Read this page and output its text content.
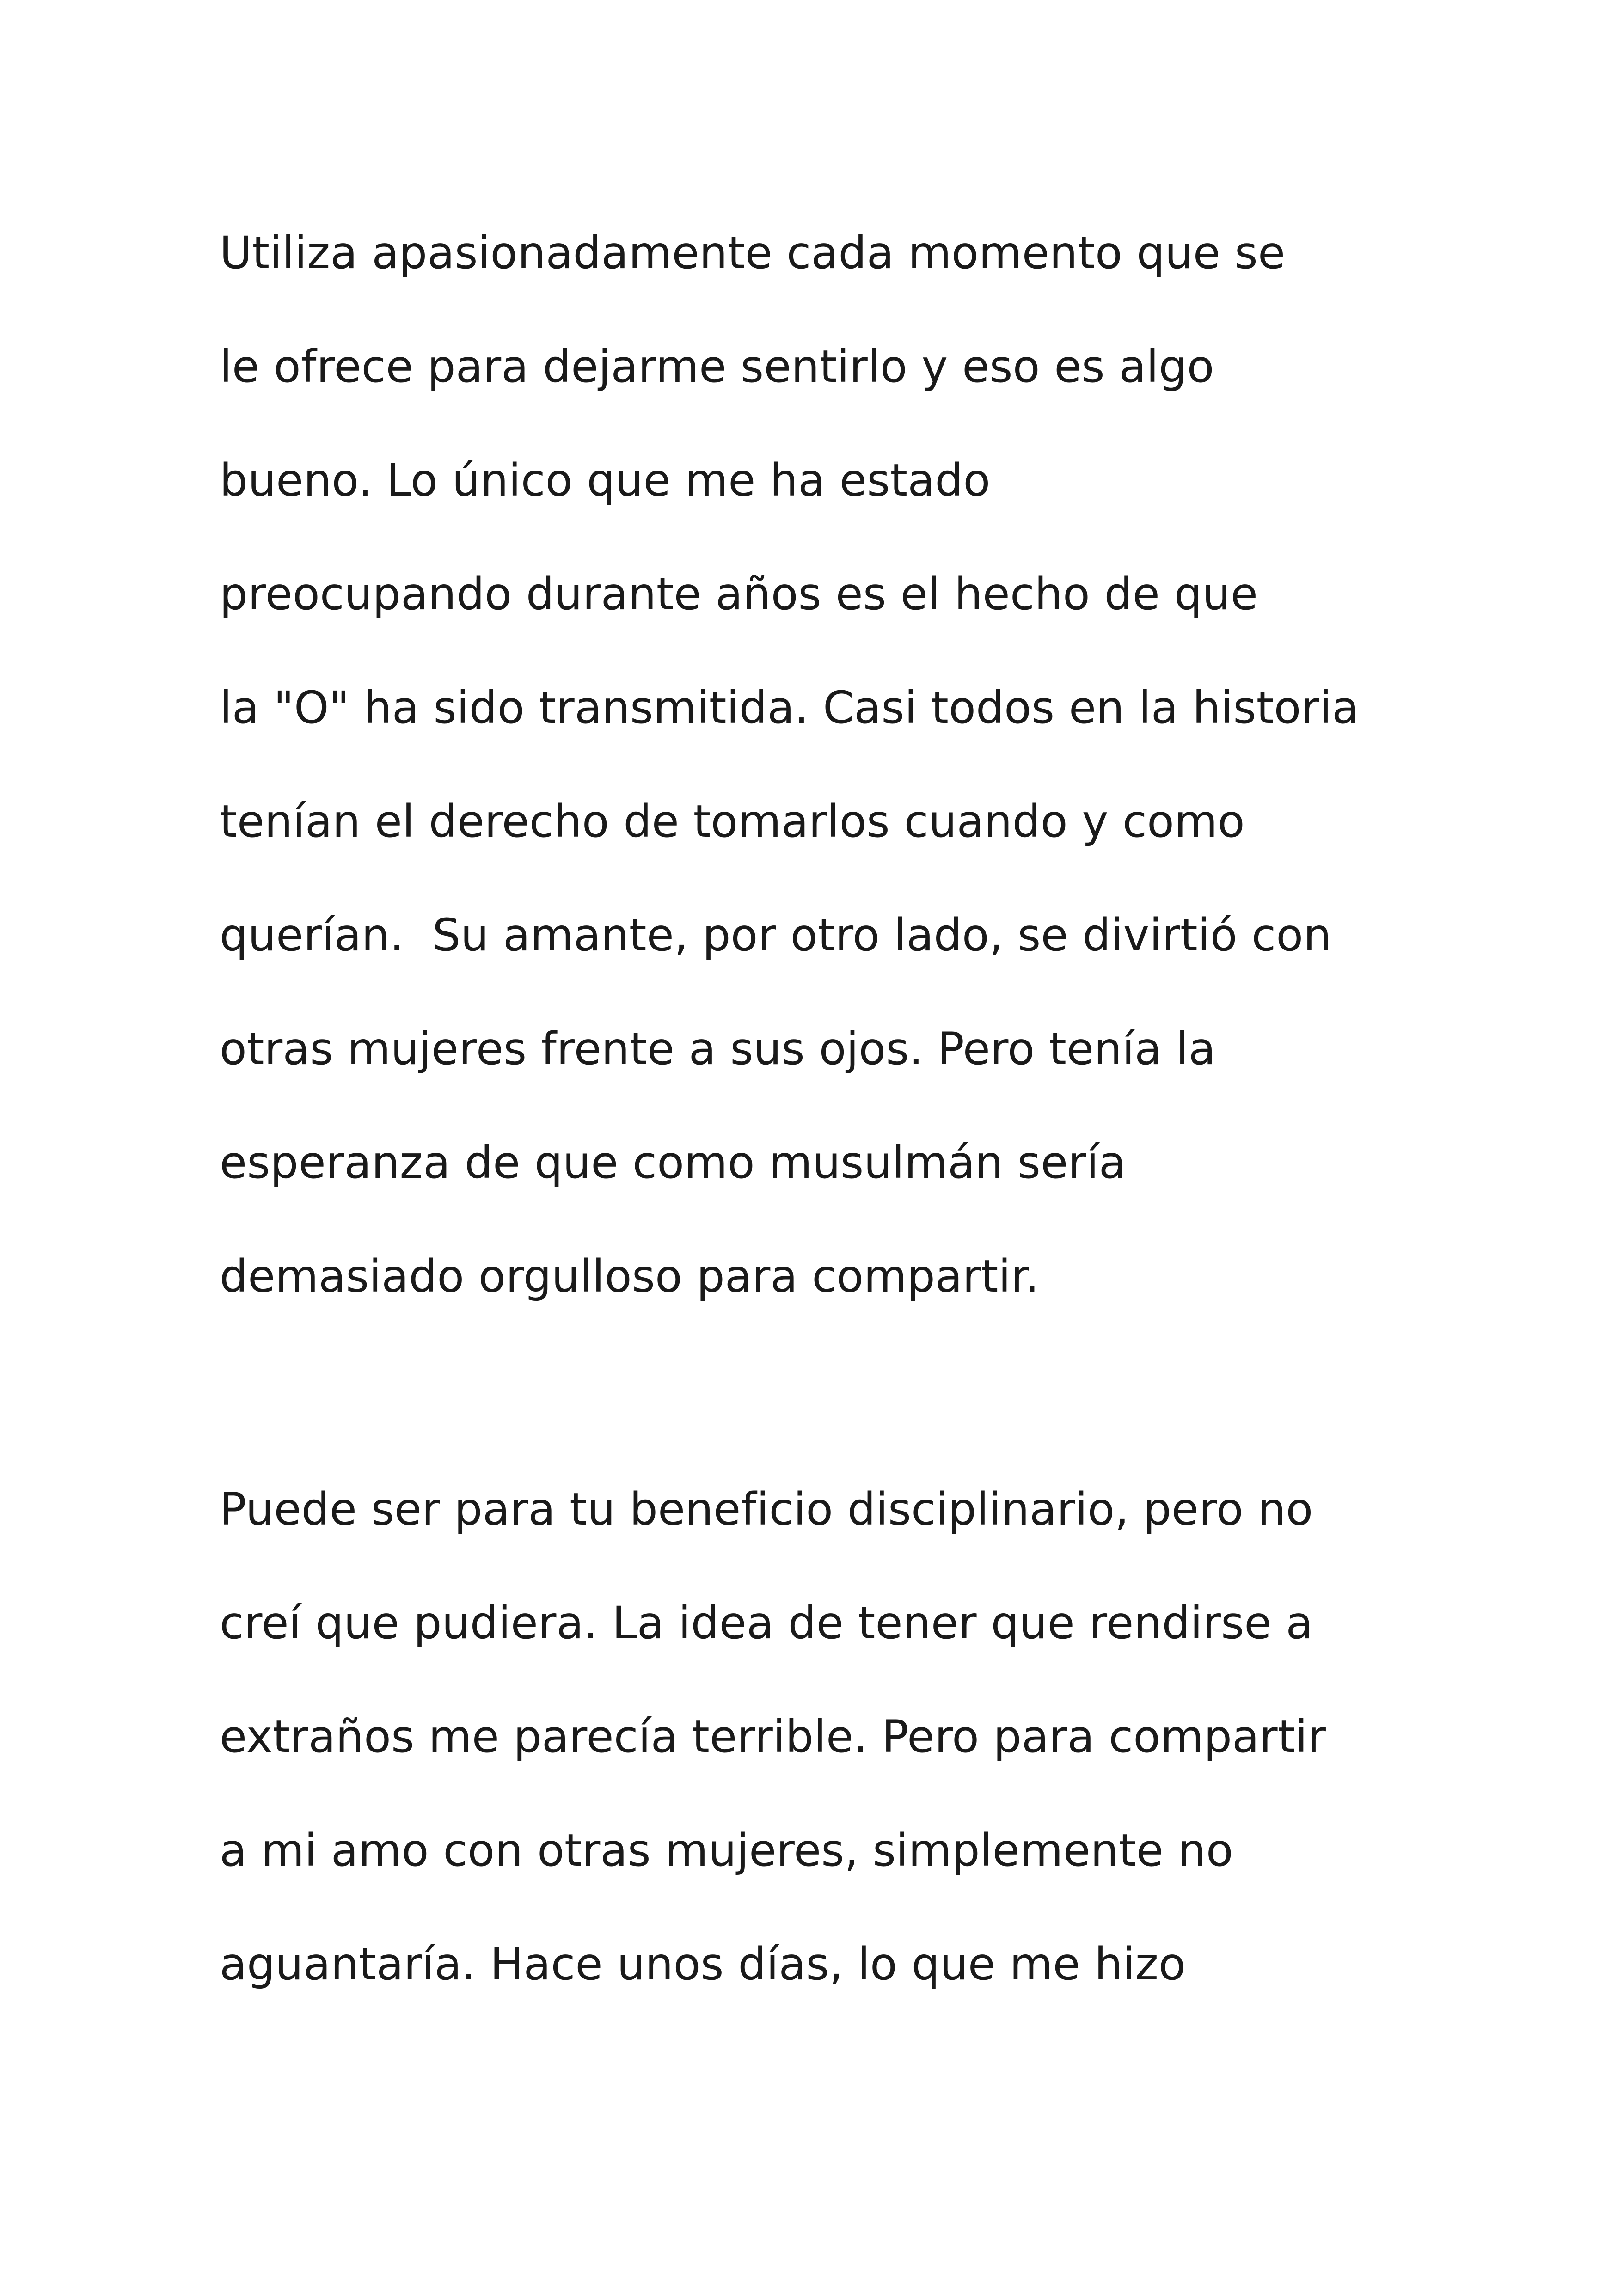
Utiliza apasionadamente cada momento que se
le ofrece para dejarme sentirlo y eso es algo
bueno. Lo único que me ha estado
preocupando durante años es el hecho de que
la "O" ha sido transmitida. Casi todos en la historia
tenían el derecho de tomarlos cuando y como
querían.  Su amante, por otro lado, se divirtió con
otras mujeres frente a sus ojos. Pero tenía la
esperanza de que como musulmán sería
demasiado orgulloso para compartir.
Puede ser para tu beneficio disciplinario, pero no
creí que pudiera. La idea de tener que rendirse a
extraños me parecía terrible. Pero para compartir
a mi amo con otras mujeres, simplemente no
aguantaría. Hace unos días, lo que me hizo
